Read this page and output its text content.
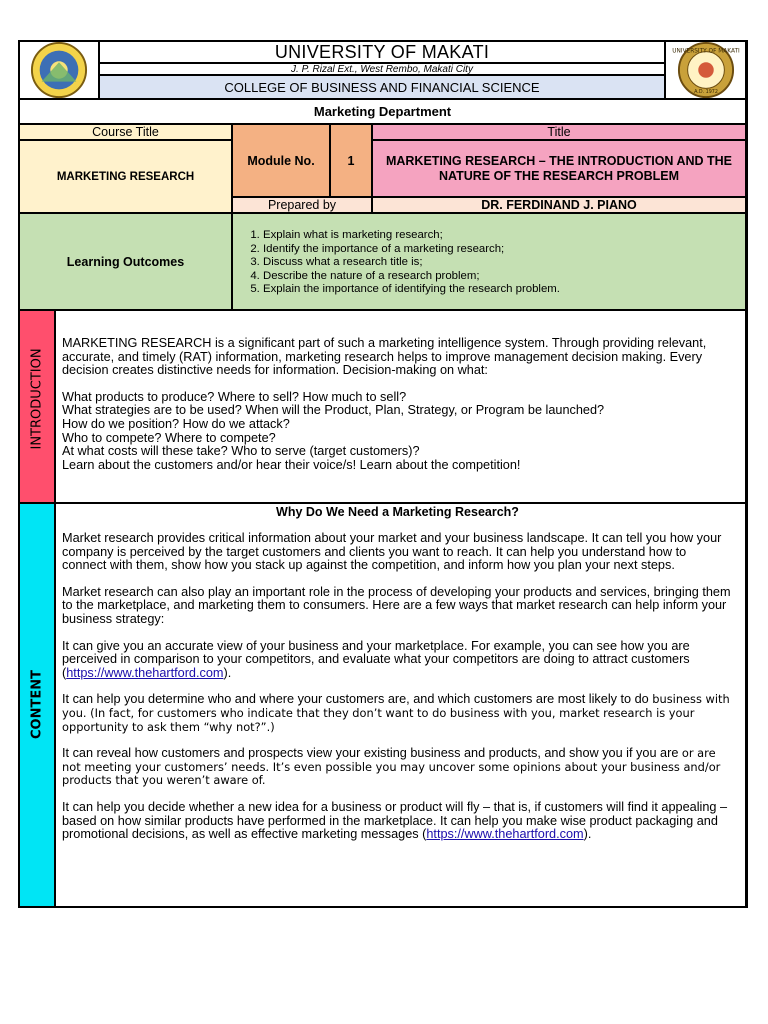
UNIVERSITY OF MAKATI
J. P. Rizal Ext., West Rembo, Makati City
COLLEGE OF BUSINESS AND FINANCIAL SCIENCE
UNIVERSITY OF MAKATI
A.D. 1972
Marketing Department
Course Title
MARKETING RESEARCH
Module No.	1
Title
MARKETING RESEARCH – THE INTRODUCTION AND THE NATURE OF THE RESEARCH PROBLEM
Prepared by	DR. FERDINAND J. PIANO
Learning Outcomes
1. Explain what is marketing research;
2. Identify the importance of a marketing research;
3. Discuss what a research title is;
4. Describe the nature of a research problem;
5. Explain the importance of identifying the research problem.
INTRODUCTION

MARKETING RESEARCH is a significant part of such a marketing intelligence system. Through providing relevant, accurate, and timely (RAT) information, marketing research helps to improve management decision making. Every decision creates distinctive needs for information. Decision-making on what:

What products to produce? Where to sell? How much to sell?
What strategies are to be used? When will the Product, Plan, Strategy, or Program be launched?
How do we position? How do we attack?
Who to compete? Where to compete?
At what costs will these take? Who to serve (target customers)?
Learn about the customers and/or hear their voice/s! Learn about the competition!
CONTENT
Why Do We Need a Marketing Research?

Market research provides critical information about your market and your business landscape. It can tell you how your company is perceived by the target customers and clients you want to reach. It can help you understand how to connect with them, show how you stack up against the competition, and inform how you plan your next steps.

Market research can also play an important role in the process of developing your products and services, bringing them to the marketplace, and marketing them to consumers. Here are a few ways that market research can help inform your business strategy:

It can give you an accurate view of your business and your marketplace. For example, you can see how you are perceived in comparison to your competitors, and evaluate what your competitors are doing to attract customers (https://www.thehartford.com).

It can help you determine who and where your customers are, and which customers are most likely to do business with you. (In fact, for customers who indicate that they don’t want to do business with you, market research is your opportunity to ask them “why not?”.)

It can reveal how customers and prospects view your existing business and products, and show you if you are or are not meeting your customers’ needs. It’s even possible you may uncover some opinions about your business and/or products that you weren’t aware of.

It can help you decide whether a new idea for a business or product will fly – that is, if customers will find it appealing – based on how similar products have performed in the marketplace. It can help you make wise product packaging and promotional decisions, as well as effective marketing messages (https://www.thehartford.com).
